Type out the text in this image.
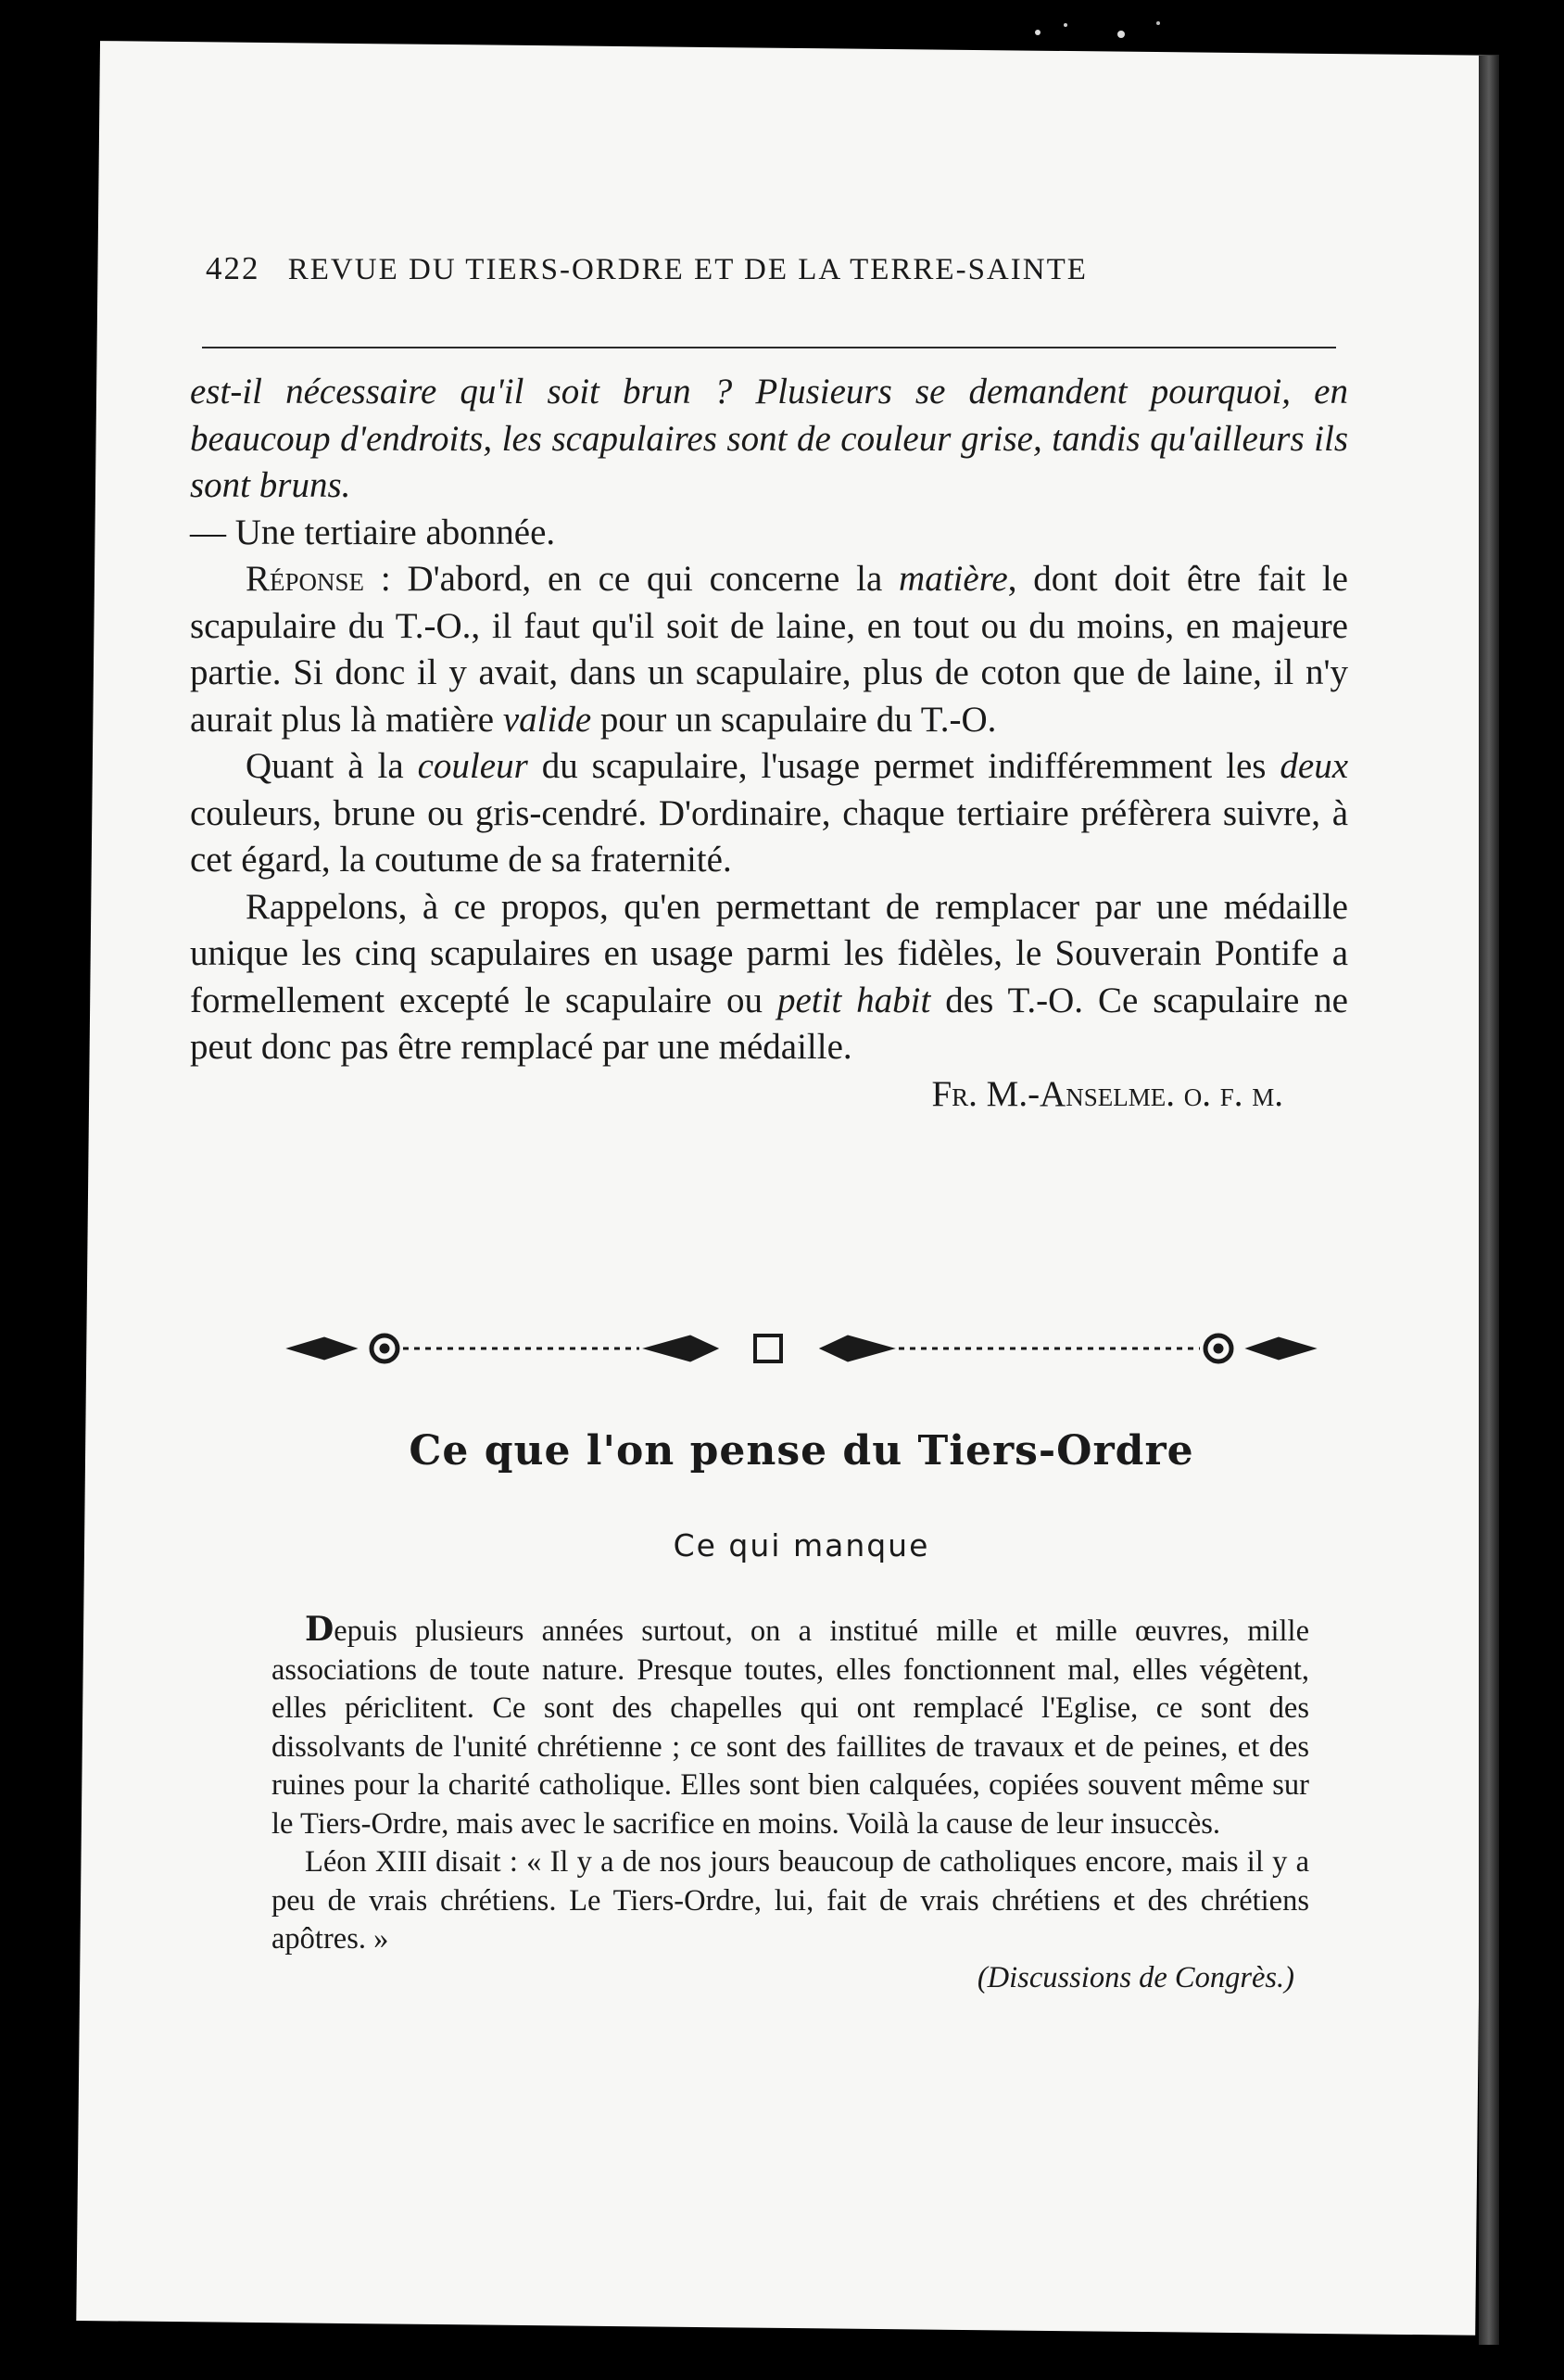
422 REVUE DU TIERS-ORDRE ET DE LA TERRE-SAINTE

est-il nécessaire qu'il soit brun ? Plusieurs se demandent pourquoi, en beaucoup d'endroits, les scapulaires sont de couleur grise, tandis qu'ailleurs ils sont bruns.
— Une tertiaire abonnée.

Réponse : D'abord, en ce qui concerne la matière, dont doit être fait le scapulaire du T.-O., il faut qu'il soit de laine, en tout ou du moins, en majeure partie. Si donc il y avait, dans un scapulaire, plus de coton que de laine, il n'y aurait plus là matière valide pour un scapulaire du T.-O.

Quant à la couleur du scapulaire, l'usage permet indifféremment les deux couleurs, brune ou gris-cendré. D'ordinaire, chaque tertiaire préfèrera suivre, à cet égard, la coutume de sa fraternité.

Rappelons, à ce propos, qu'en permettant de remplacer par une médaille unique les cinq scapulaires en usage parmi les fidèles, le Souverain Pontife a formellement excepté le scapulaire ou petit habit des T.-O. Ce scapulaire ne peut donc pas être remplacé par une médaille.

Fr. M.-Anselme. o. f. m.

Ce que l'on pense du Tiers-Ordre
Ce qui manque

Depuis plusieurs années surtout, on a institué mille et mille œuvres, mille associations de toute nature. Presque toutes, elles fonctionnent mal, elles végètent, elles périclitent. Ce sont des chapelles qui ont remplacé l'Eglise, ce sont des dissolvants de l'unité chrétienne ; ce sont des faillites de travaux et de peines, et des ruines pour la charité catholique. Elles sont bien calquées, copiées souvent même sur le Tiers-Ordre, mais avec le sacrifice en moins. Voilà la cause de leur insuccès.

Léon XIII disait : « Il y a de nos jours beaucoup de catholiques encore, mais il y a peu de vrais chrétiens. Le Tiers-Ordre, lui, fait de vrais chrétiens et des chrétiens apôtres. »

(Discussions de Congrès.)
